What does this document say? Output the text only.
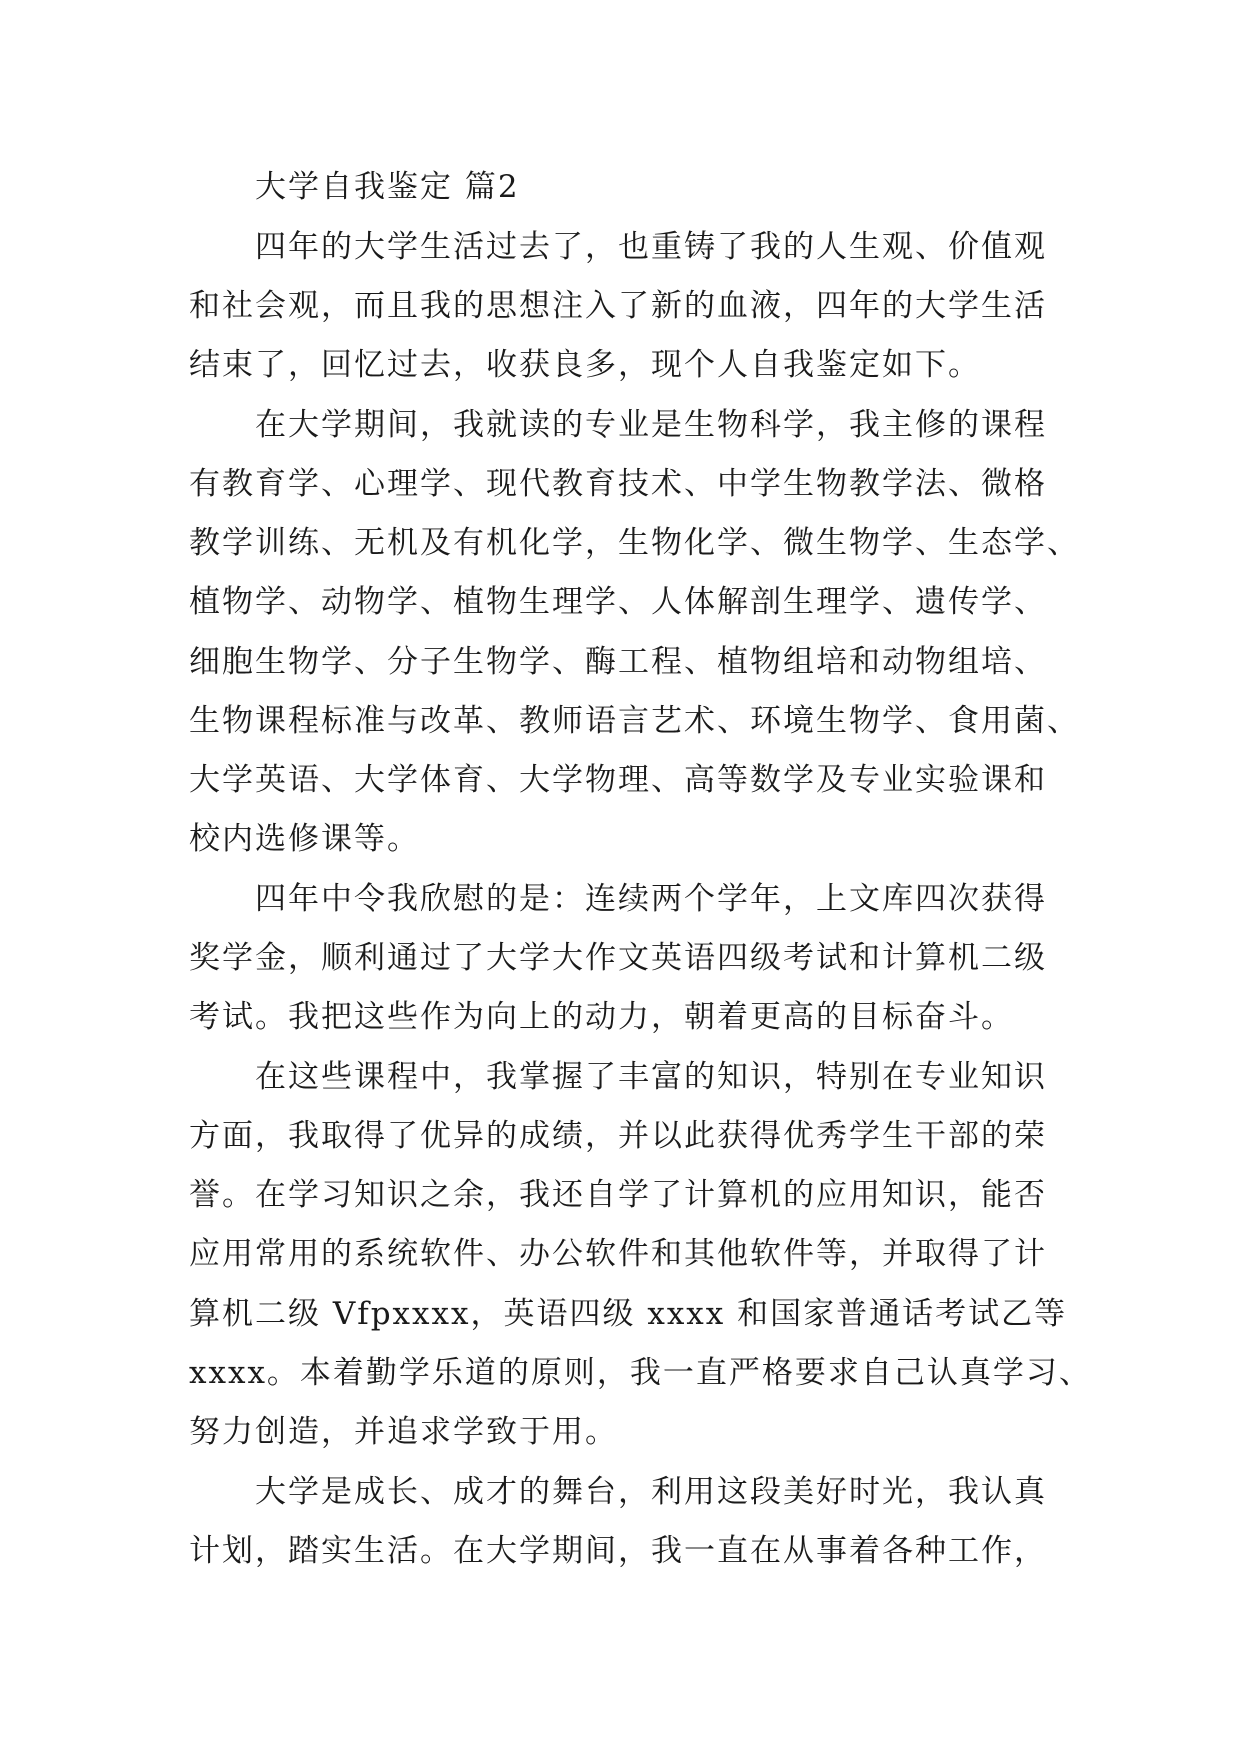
大学自我鉴定 篇2
四年的大学生活过去了，也重铸了我的人生观、价值观
和社会观，而且我的思想注入了新的血液，四年的大学生活
结束了，回忆过去，收获良多，现个人自我鉴定如下。
在大学期间，我就读的专业是生物科学，我主修的课程
有教育学、心理学、现代教育技术、中学生物教学法、微格
教学训练、无机及有机化学，生物化学、微生物学、生态学、
植物学、动物学、植物生理学、人体解剖生理学、遗传学、
细胞生物学、分子生物学、酶工程、植物组培和动物组培、
生物课程标准与改革、教师语言艺术、环境生物学、食用菌、
大学英语、大学体育、大学物理、高等数学及专业实验课和
校内选修课等。
四年中令我欣慰的是：连续两个学年，上文库四次获得
奖学金，顺利通过了大学大作文英语四级考试和计算机二级
考试。我把这些作为向上的动力，朝着更高的目标奋斗。
在这些课程中，我掌握了丰富的知识，特别在专业知识
方面，我取得了优异的成绩，并以此获得优秀学生干部的荣
誉。在学习知识之余，我还自学了计算机的应用知识，能否
应用常用的系统软件、办公软件和其他软件等，并取得了计
算机二级 Vfpxxxx，英语四级 xxxx 和国家普通话考试乙等
xxxx。本着勤学乐道的原则，我一直严格要求自己认真学习、
努力创造，并追求学致于用。
大学是成长、成才的舞台，利用这段美好时光，我认真
计划，踏实生活。在大学期间，我一直在从事着各种工作，
